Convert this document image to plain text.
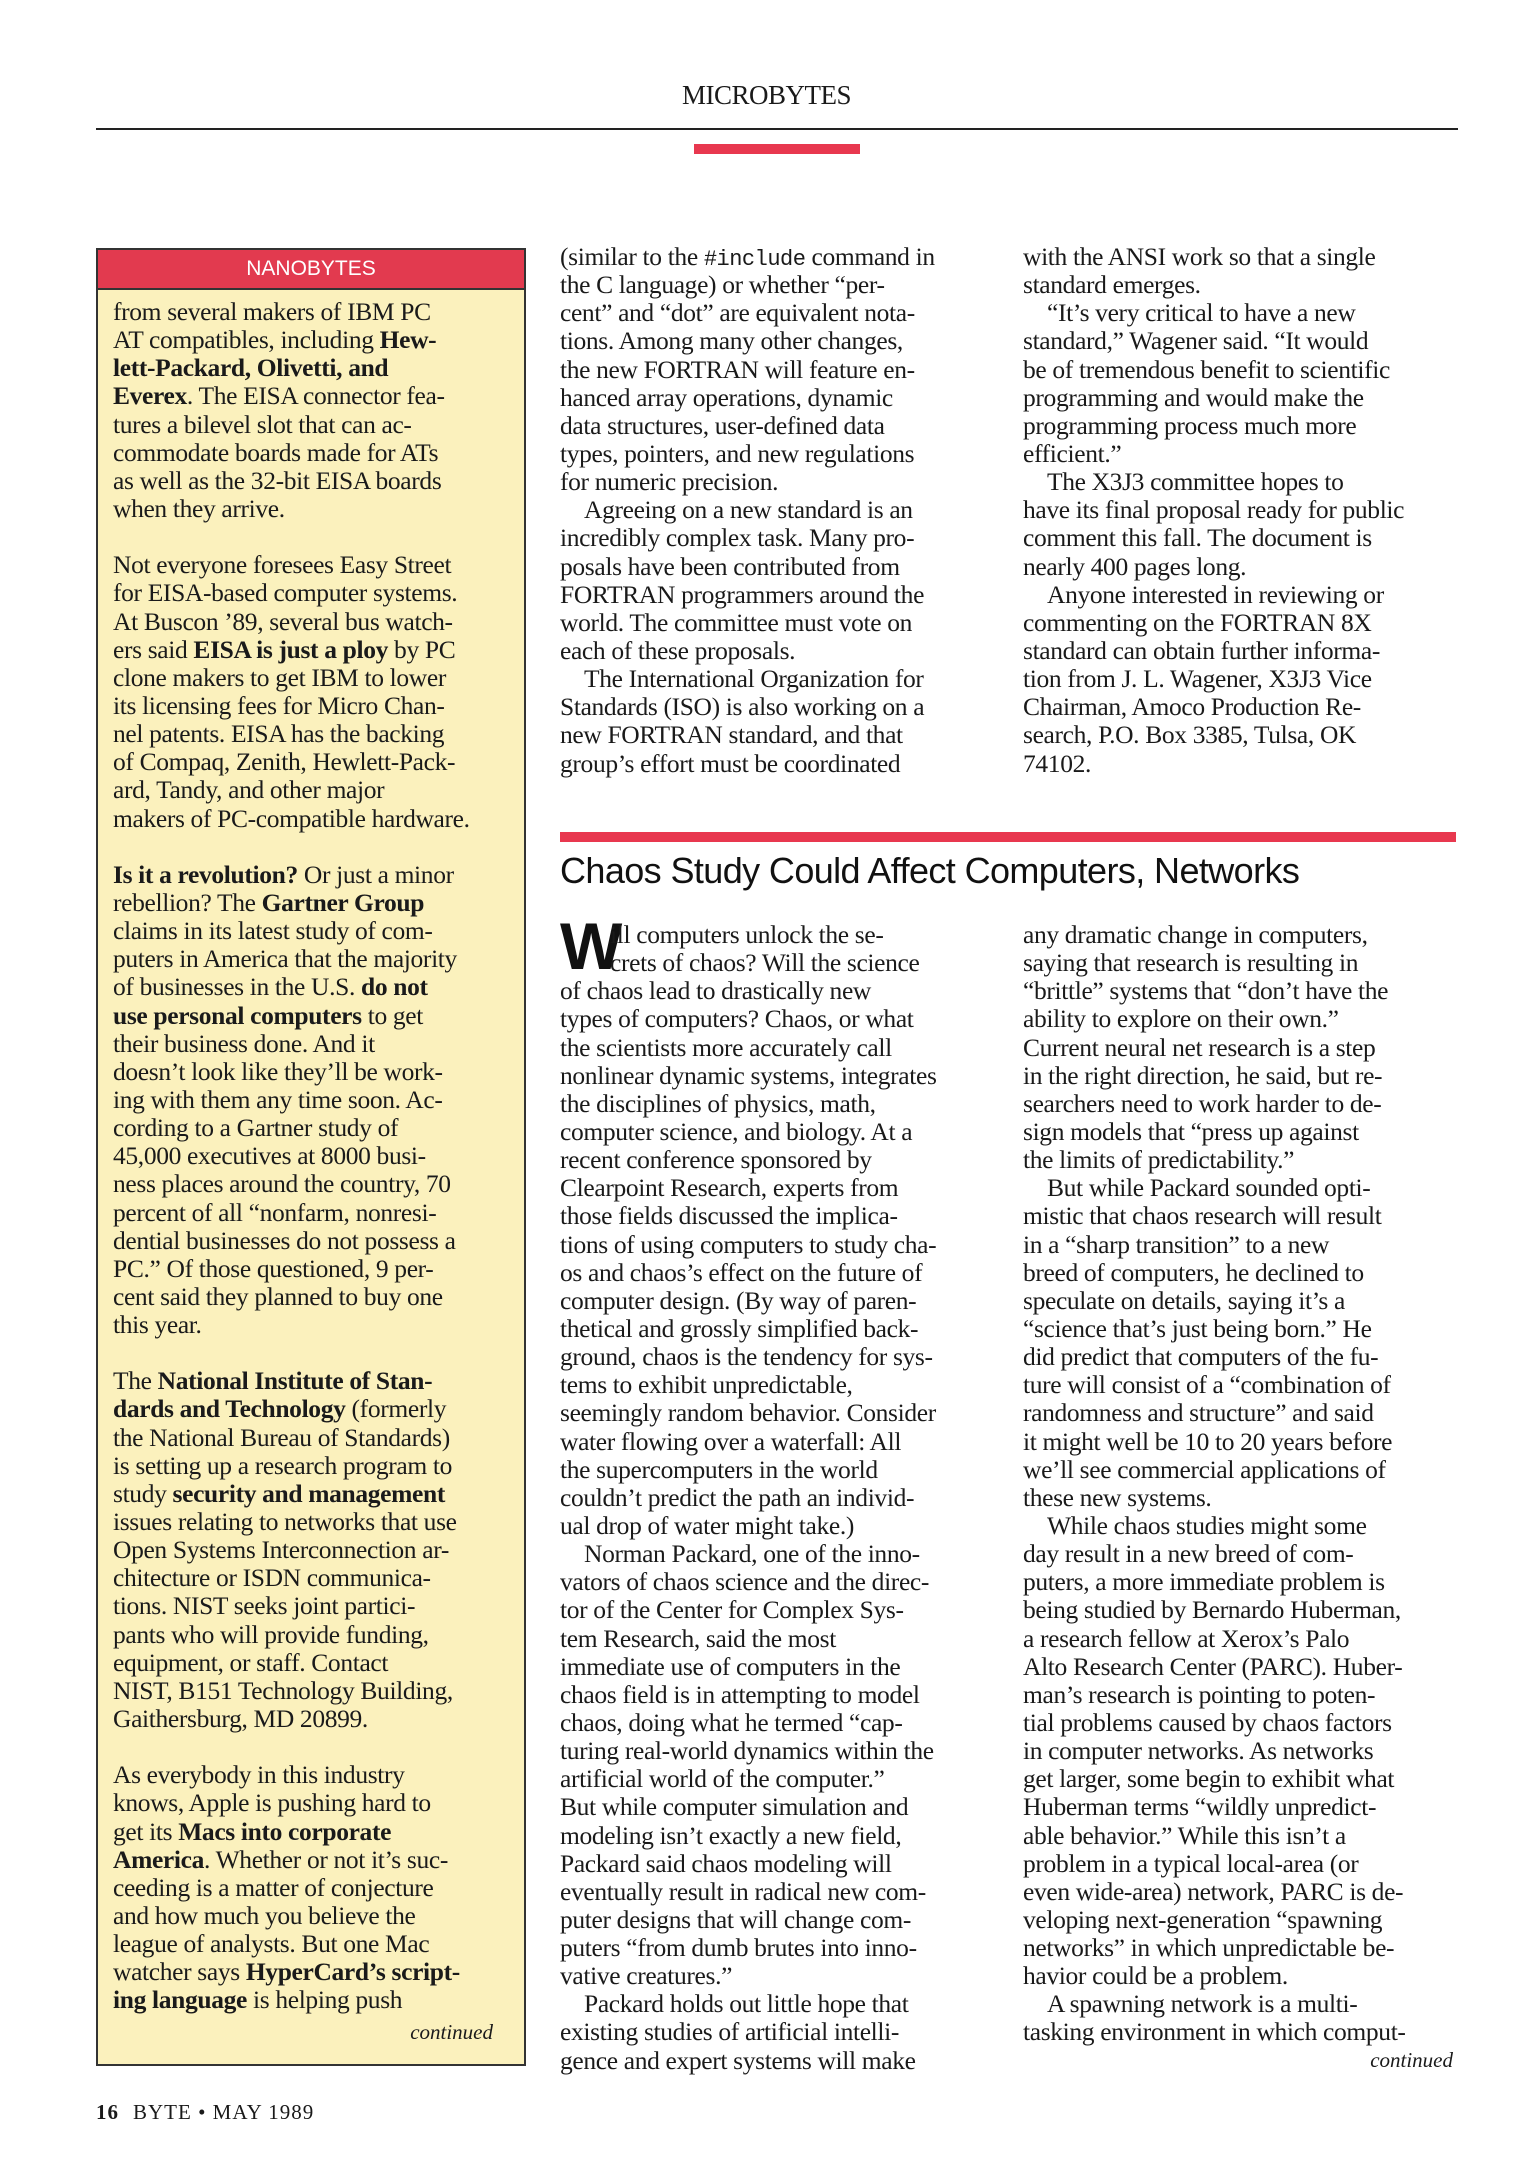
MICROBYTES
NANOBYTES
from several makers of IBM PC
AT compatibles, including Hew-
lett-Packard, Olivetti, and
Everex. The EISA connector fea-
tures a bilevel slot that can ac-
commodate boards made for ATs
as well as the 32-bit EISA boards
when they arrive.
Not everyone foresees Easy Street
for EISA-based computer systems.
At Buscon ’89, several bus watch-
ers said EISA is just a ploy by PC
clone makers to get IBM to lower
its licensing fees for Micro Chan-
nel patents. EISA has the backing
of Compaq, Zenith, Hewlett-Pack-
ard, Tandy, and other major
makers of PC-compatible hardware.
Is it a revolution? Or just a minor
rebellion? The Gartner Group
claims in its latest study of com-
puters in America that the majority
of businesses in the U.S. do not
use personal computers to get
their business done. And it
doesn’t look like they’ll be work-
ing with them any time soon. Ac-
cording to a Gartner study of
45,000 executives at 8000 busi-
ness places around the country, 70
percent of all “nonfarm, nonresi-
dential businesses do not possess a
PC.” Of those questioned, 9 per-
cent said they planned to buy one
this year.
The National Institute of Stan-
dards and Technology (formerly
the National Bureau of Standards)
is setting up a research program to
study security and management
issues relating to networks that use
Open Systems Interconnection ar-
chitecture or ISDN communica-
tions. NIST seeks joint partici-
pants who will provide funding,
equipment, or staff. Contact
NIST, B151 Technology Building,
Gaithersburg, MD 20899.
As everybody in this industry
knows, Apple is pushing hard to
get its Macs into corporate
America. Whether or not it’s suc-
ceeding is a matter of conjecture
and how much you believe the
league of analysts. But one Mac
watcher says HyperCard’s script-
ing language is helping push
continued
(similar to the #include command in
the C language) or whether “per-
cent” and “dot” are equivalent nota-
tions. Among many other changes,
the new FORTRAN will feature en-
hanced array operations, dynamic
data structures, user-defined data
types, pointers, and new regulations
for numeric precision.
Agreeing on a new standard is an
incredibly complex task. Many pro-
posals have been contributed from
FORTRAN programmers around the
world. The committee must vote on
each of these proposals.
The International Organization for
Standards (ISO) is also working on a
new FORTRAN standard, and that
group’s effort must be coordinated
with the ANSI work so that a single
standard emerges.
“It’s very critical to have a new
standard,” Wagener said. “It would
be of tremendous benefit to scientific
programming and would make the
programming process much more
efficient.”
The X3J3 committee hopes to
have its final proposal ready for public
comment this fall. The document is
nearly 400 pages long.
Anyone interested in reviewing or
commenting on the FORTRAN 8X
standard can obtain further informa-
tion from J. L. Wagener, X3J3 Vice
Chairman, Amoco Production Re-
search, P.O. Box 3385, Tulsa, OK
74102.
Chaos Study Could Affect Computers, Networks
W
ill computers unlock the se-
crets of chaos? Will the science
of chaos lead to drastically new
types of computers? Chaos, or what
the scientists more accurately call
nonlinear dynamic systems, integrates
the disciplines of physics, math,
computer science, and biology. At a
recent conference sponsored by
Clearpoint Research, experts from
those fields discussed the implica-
tions of using computers to study cha-
os and chaos’s effect on the future of
computer design. (By way of paren-
thetical and grossly simplified back-
ground, chaos is the tendency for sys-
tems to exhibit unpredictable,
seemingly random behavior. Consider
water flowing over a waterfall: All
the supercomputers in the world
couldn’t predict the path an individ-
ual drop of water might take.)
Norman Packard, one of the inno-
vators of chaos science and the direc-
tor of the Center for Complex Sys-
tem Research, said the most
immediate use of computers in the
chaos field is in attempting to model
chaos, doing what he termed “cap-
turing real-world dynamics within the
artificial world of the computer.”
But while computer simulation and
modeling isn’t exactly a new field,
Packard said chaos modeling will
eventually result in radical new com-
puter designs that will change com-
puters “from dumb brutes into inno-
vative creatures.”
Packard holds out little hope that
existing studies of artificial intelli-
gence and expert systems will make
any dramatic change in computers,
saying that research is resulting in
“brittle” systems that “don’t have the
ability to explore on their own.”
Current neural net research is a step
in the right direction, he said, but re-
searchers need to work harder to de-
sign models that “press up against
the limits of predictability.”
But while Packard sounded opti-
mistic that chaos research will result
in a “sharp transition” to a new
breed of computers, he declined to
speculate on details, saying it’s a
“science that’s just being born.” He
did predict that computers of the fu-
ture will consist of a “combination of
randomness and structure” and said
it might well be 10 to 20 years before
we’ll see commercial applications of
these new systems.
While chaos studies might some
day result in a new breed of com-
puters, a more immediate problem is
being studied by Bernardo Huberman,
a research fellow at Xerox’s Palo
Alto Research Center (PARC). Huber-
man’s research is pointing to poten-
tial problems caused by chaos factors
in computer networks. As networks
get larger, some begin to exhibit what
Huberman terms “wildly unpredict-
able behavior.” While this isn’t a
problem in a typical local-area (or
even wide-area) network, PARC is de-
veloping next-generation “spawning
networks” in which unpredictable be-
havior could be a problem.
A spawning network is a multi-
tasking environment in which comput-
continued
16 BYTE • MAY 1989
